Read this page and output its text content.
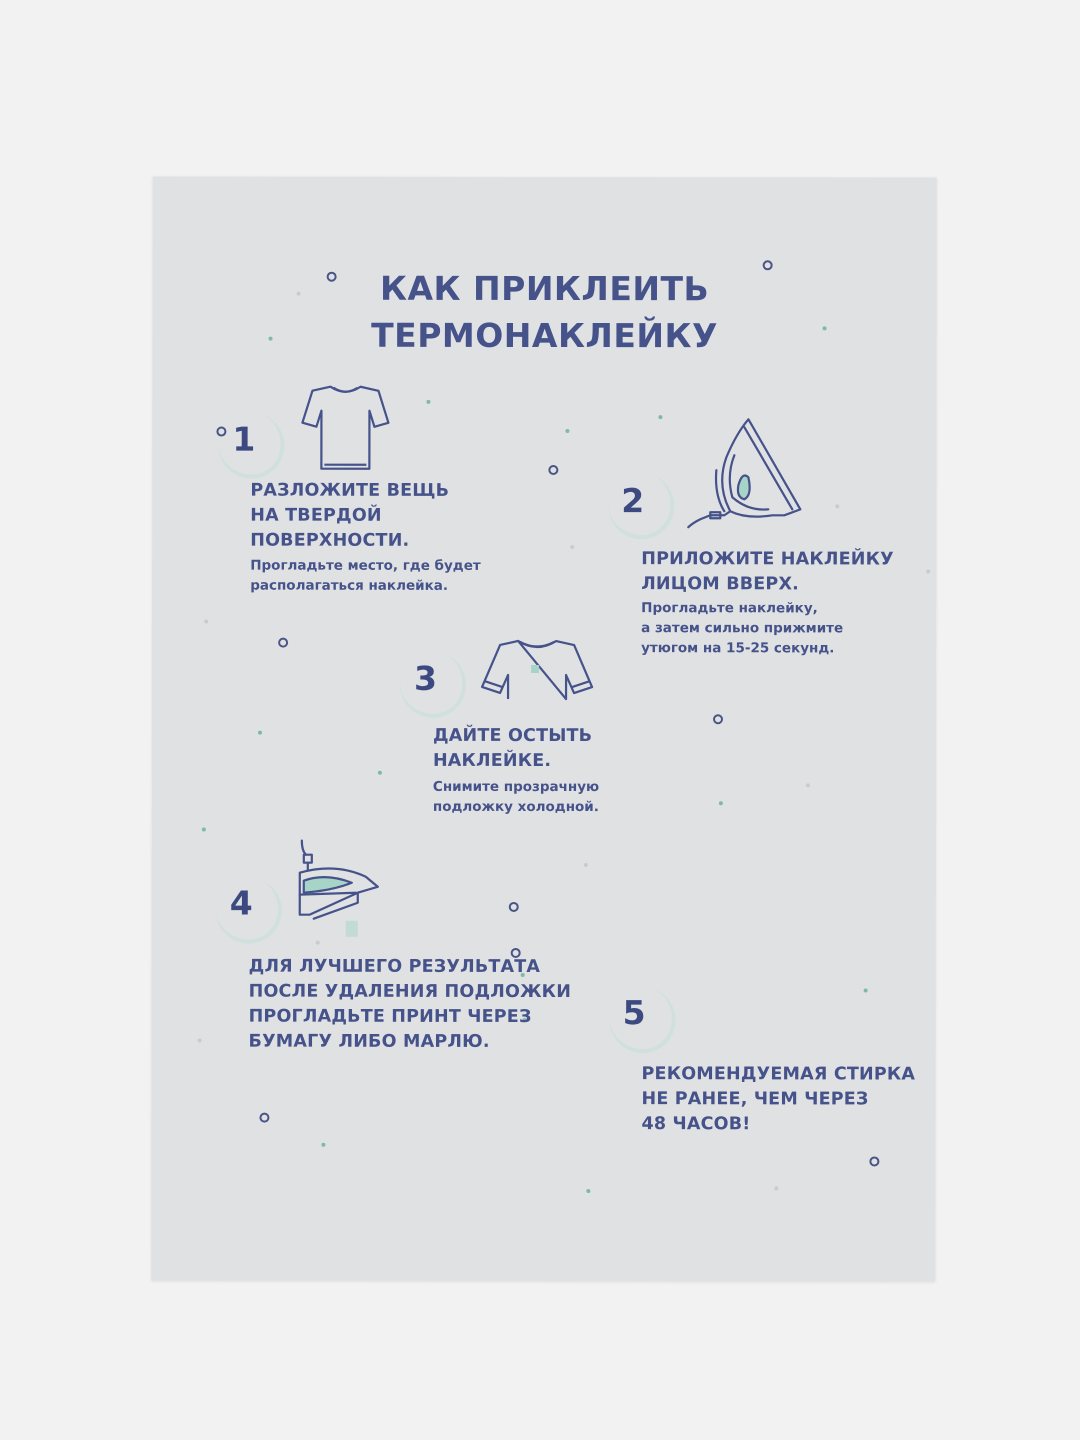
КАК ПРИКЛЕИТЬ
ТЕРМОНАКЛЕЙКУ
1
РАЗЛОЖИТЕ ВЕЩЬ
НА ТВЕРДОЙ
ПОВЕРХНОСТИ.
Прогладьте место, где будет
располагаться наклейка.
2
ПРИЛОЖИТЕ НАКЛЕЙКУ
ЛИЦОМ ВВЕРХ.
Прогладьте наклейку,
а затем сильно прижмите
утюгом на 15-25 секунд.
3
ДАЙТЕ ОСТЫТЬ
НАКЛЕЙКЕ.
Снимите прозрачную
подложку холодной.
4
ДЛЯ ЛУЧШЕГО РЕЗУЛЬТАТА
ПОСЛЕ УДАЛЕНИЯ ПОДЛОЖКИ
ПРОГЛАДЬТЕ ПРИНТ ЧЕРЕЗ
БУМАГУ ЛИБО МАРЛЮ.
5
РЕКОМЕНДУЕМАЯ СТИРКА
НЕ РАНЕЕ, ЧЕМ ЧЕРЕЗ
48 ЧАСОВ!
